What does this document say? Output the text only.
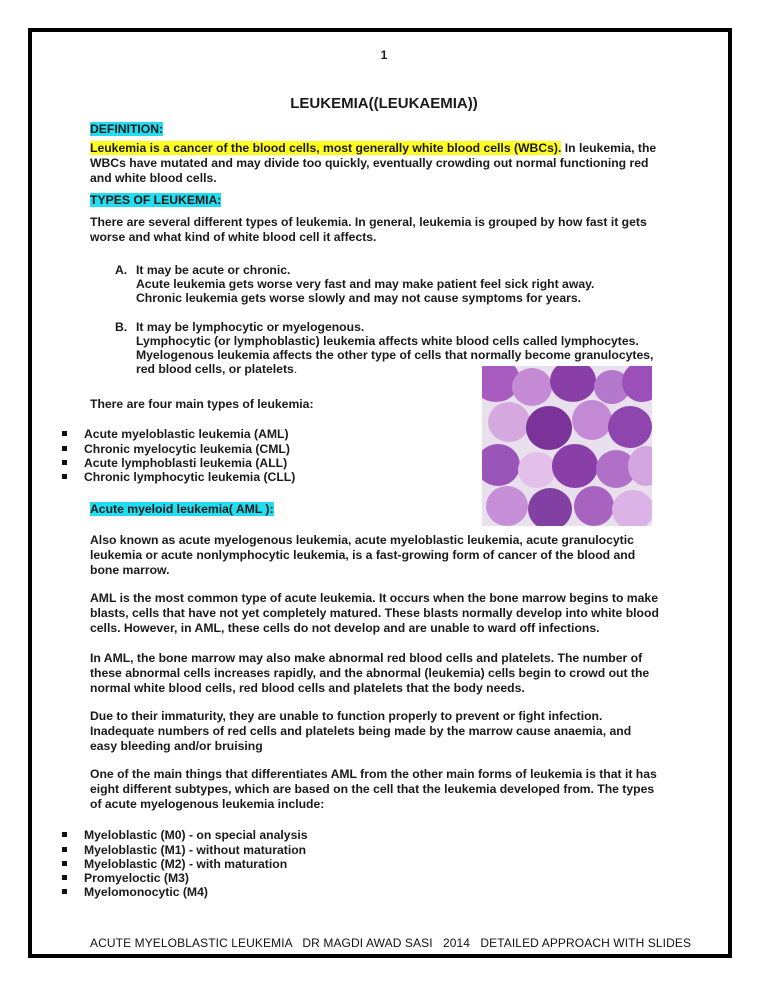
1
LEUKEMIA((LEUKAEMIA))
DEFINITION:
Leukemia is a cancer of the blood cells, most generally white blood cells (WBCs). In leukemia, the
WBCs have mutated and may divide too quickly, eventually crowding out normal functioning red
and white blood cells.
TYPES OF LEUKEMIA:
There are several different types of leukemia. In general, leukemia is grouped by how fast it gets
worse and what kind of white blood cell it affects.
A. It may be acute or chronic.
Acute leukemia gets worse very fast and may make patient feel sick right away.
Chronic leukemia gets worse slowly and may not cause symptoms for years.
B. It may be lymphocytic or myelogenous.
Lymphocytic (or lymphoblastic) leukemia affects white blood cells called lymphocytes.
Myelogenous leukemia affects the other type of cells that normally become granulocytes,
red blood cells, or platelets.
There are four main types of leukemia:
Acute myeloblastic leukemia (AML)
Chronic myelocytic leukemia (CML)
Acute lymphoblasti leukemia (ALL)
Chronic lymphocytic leukemia (CLL)
Acute myeloid leukemia( AML ):
Also known as acute myelogenous leukemia, acute myeloblastic leukemia, acute granulocytic
leukemia or acute nonlymphocytic leukemia, is a fast-growing form of cancer of the blood and
bone marrow.
AML is the most common type of acute leukemia. It occurs when the bone marrow begins to make
blasts, cells that have not yet completely matured. These blasts normally develop into white blood
cells. However, in AML, these cells do not develop and are unable to ward off infections.
In AML, the bone marrow may also make abnormal red blood cells and platelets. The number of
these abnormal cells increases rapidly, and the abnormal (leukemia) cells begin to crowd out the
normal white blood cells, red blood cells and platelets that the body needs.
Due to their immaturity, they are unable to function properly to prevent or fight infection.
Inadequate numbers of red cells and platelets being made by the marrow cause anaemia, and
easy bleeding and/or bruising
One of the main things that differentiates AML from the other main forms of leukemia is that it has
eight different subtypes, which are based on the cell that the leukemia developed from. The types
of acute myelogenous leukemia include:
Myeloblastic (M0) - on special analysis
Myeloblastic (M1) - without maturation
Myeloblastic (M2) - with maturation
Promyeloctic (M3)
Myelomonocytic (M4)
ACUTE MYELOBLASTIC LEUKEMIA   DR MAGDI AWAD SASI   2014   DETAILED APPROACH WITH SLIDES
